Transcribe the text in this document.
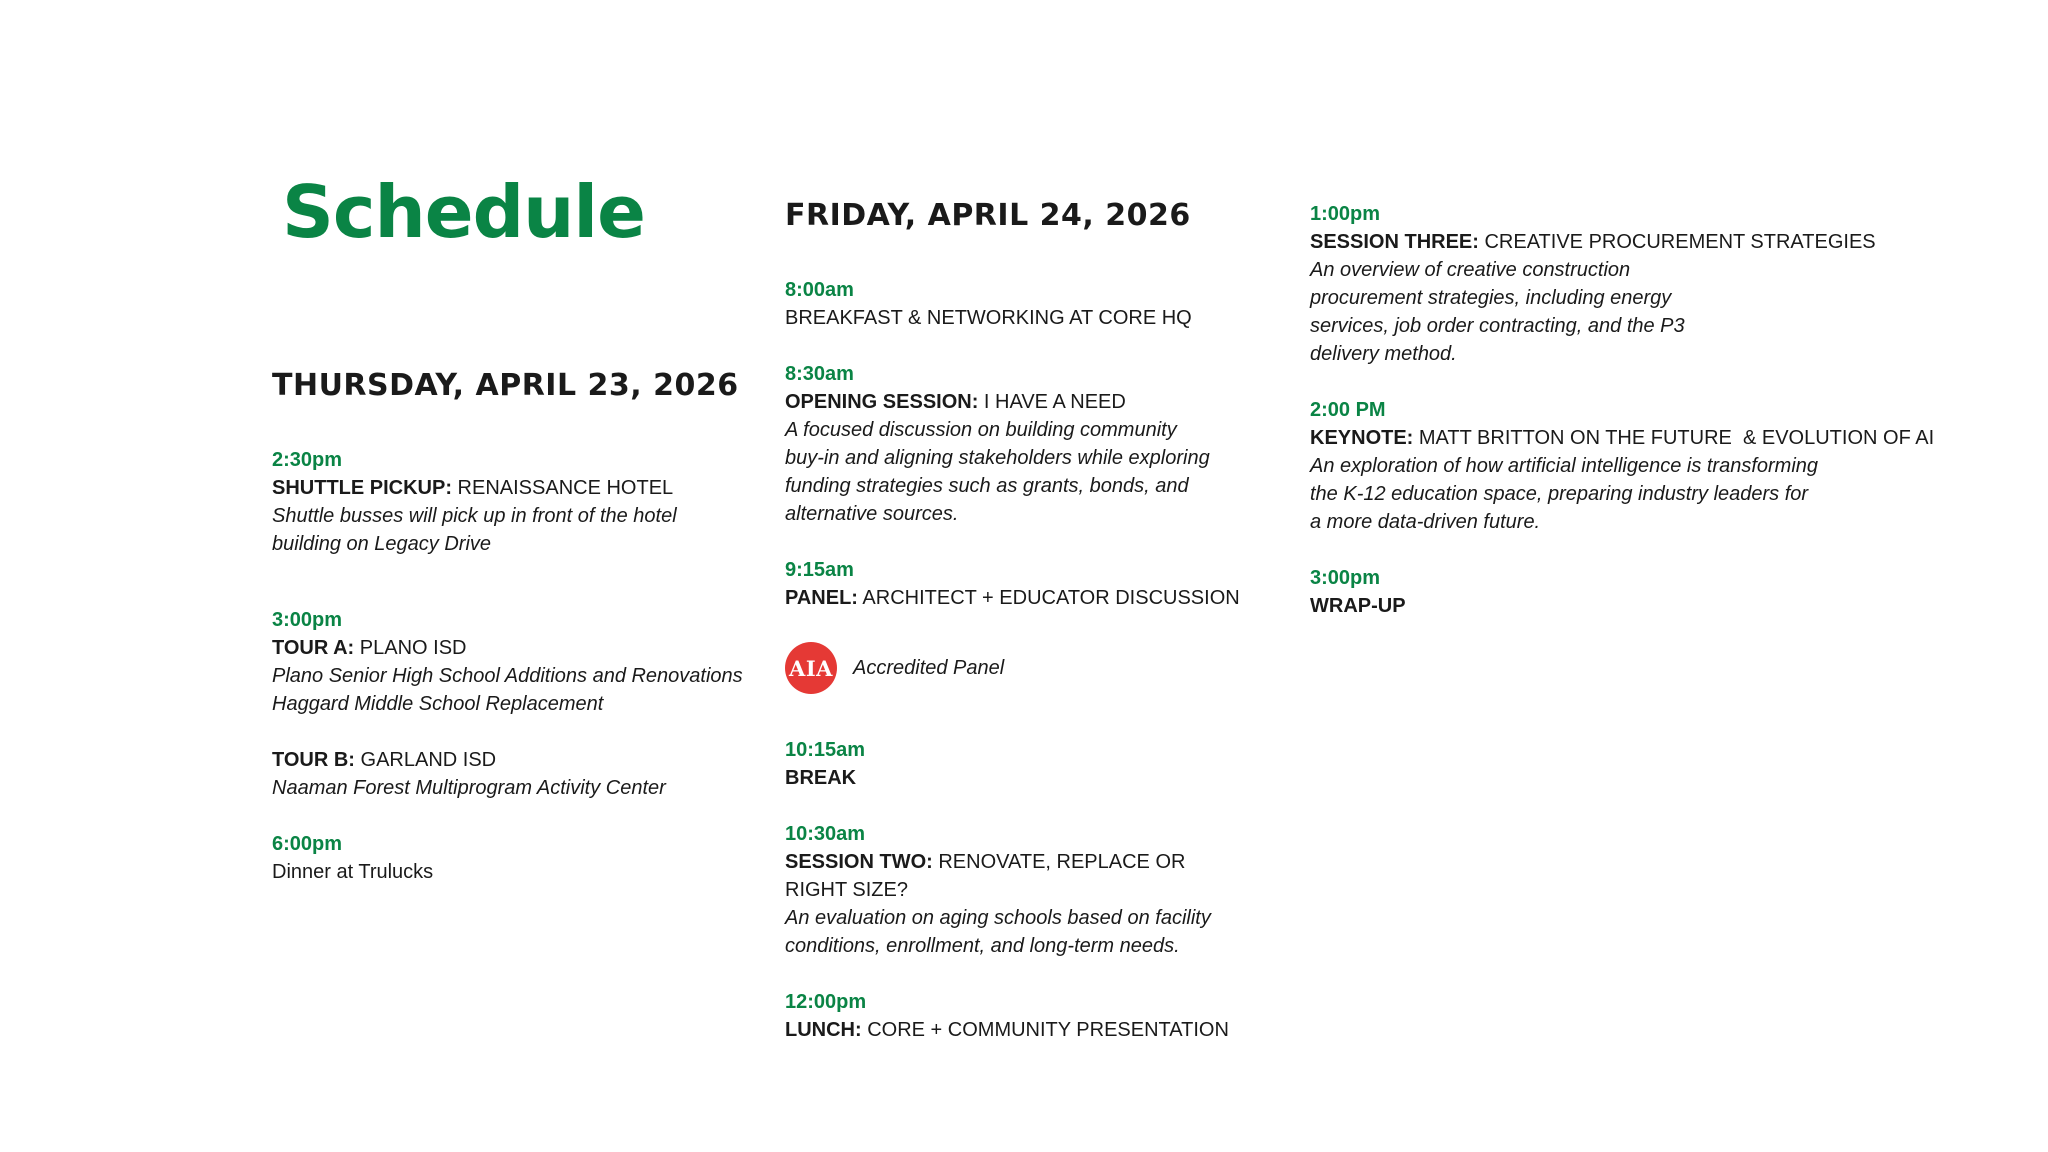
Schedule
THURSDAY, APRIL 23, 2026
2:30pm
SHUTTLE PICKUP: RENAISSANCE HOTEL
Shuttle busses will pick up in front of the hotel
building on Legacy Drive
3:00pm
TOUR A: PLANO ISD
Plano Senior High School Additions and Renovations
Haggard Middle School Replacement
TOUR B: GARLAND ISD
Naaman Forest Multiprogram Activity Center
6:00pm
Dinner at Trulucks
FRIDAY, APRIL 24, 2026
8:00am
BREAKFAST & NETWORKING AT CORE HQ
8:30am
OPENING SESSION: I HAVE A NEED
A focused discussion on building community
buy-in and aligning stakeholders while exploring
funding strategies such as grants, bonds, and
alternative sources.
9:15am
PANEL: ARCHITECT + EDUCATOR DISCUSSION
AIA Accredited Panel
10:15am
BREAK
10:30am
SESSION TWO: RENOVATE, REPLACE OR
RIGHT SIZE?
An evaluation on aging schools based on facility
conditions, enrollment, and long-term needs.
12:00pm
LUNCH: CORE + COMMUNITY PRESENTATION
1:00pm
SESSION THREE: CREATIVE PROCUREMENT STRATEGIES
An overview of creative construction
procurement strategies, including energy
services, job order contracting, and the P3
delivery method.
2:00 PM
KEYNOTE: MATT BRITTON ON THE FUTURE  & EVOLUTION OF AI
An exploration of how artificial intelligence is transforming
the K-12 education space, preparing industry leaders for
a more data-driven future.
3:00pm
WRAP-UP
